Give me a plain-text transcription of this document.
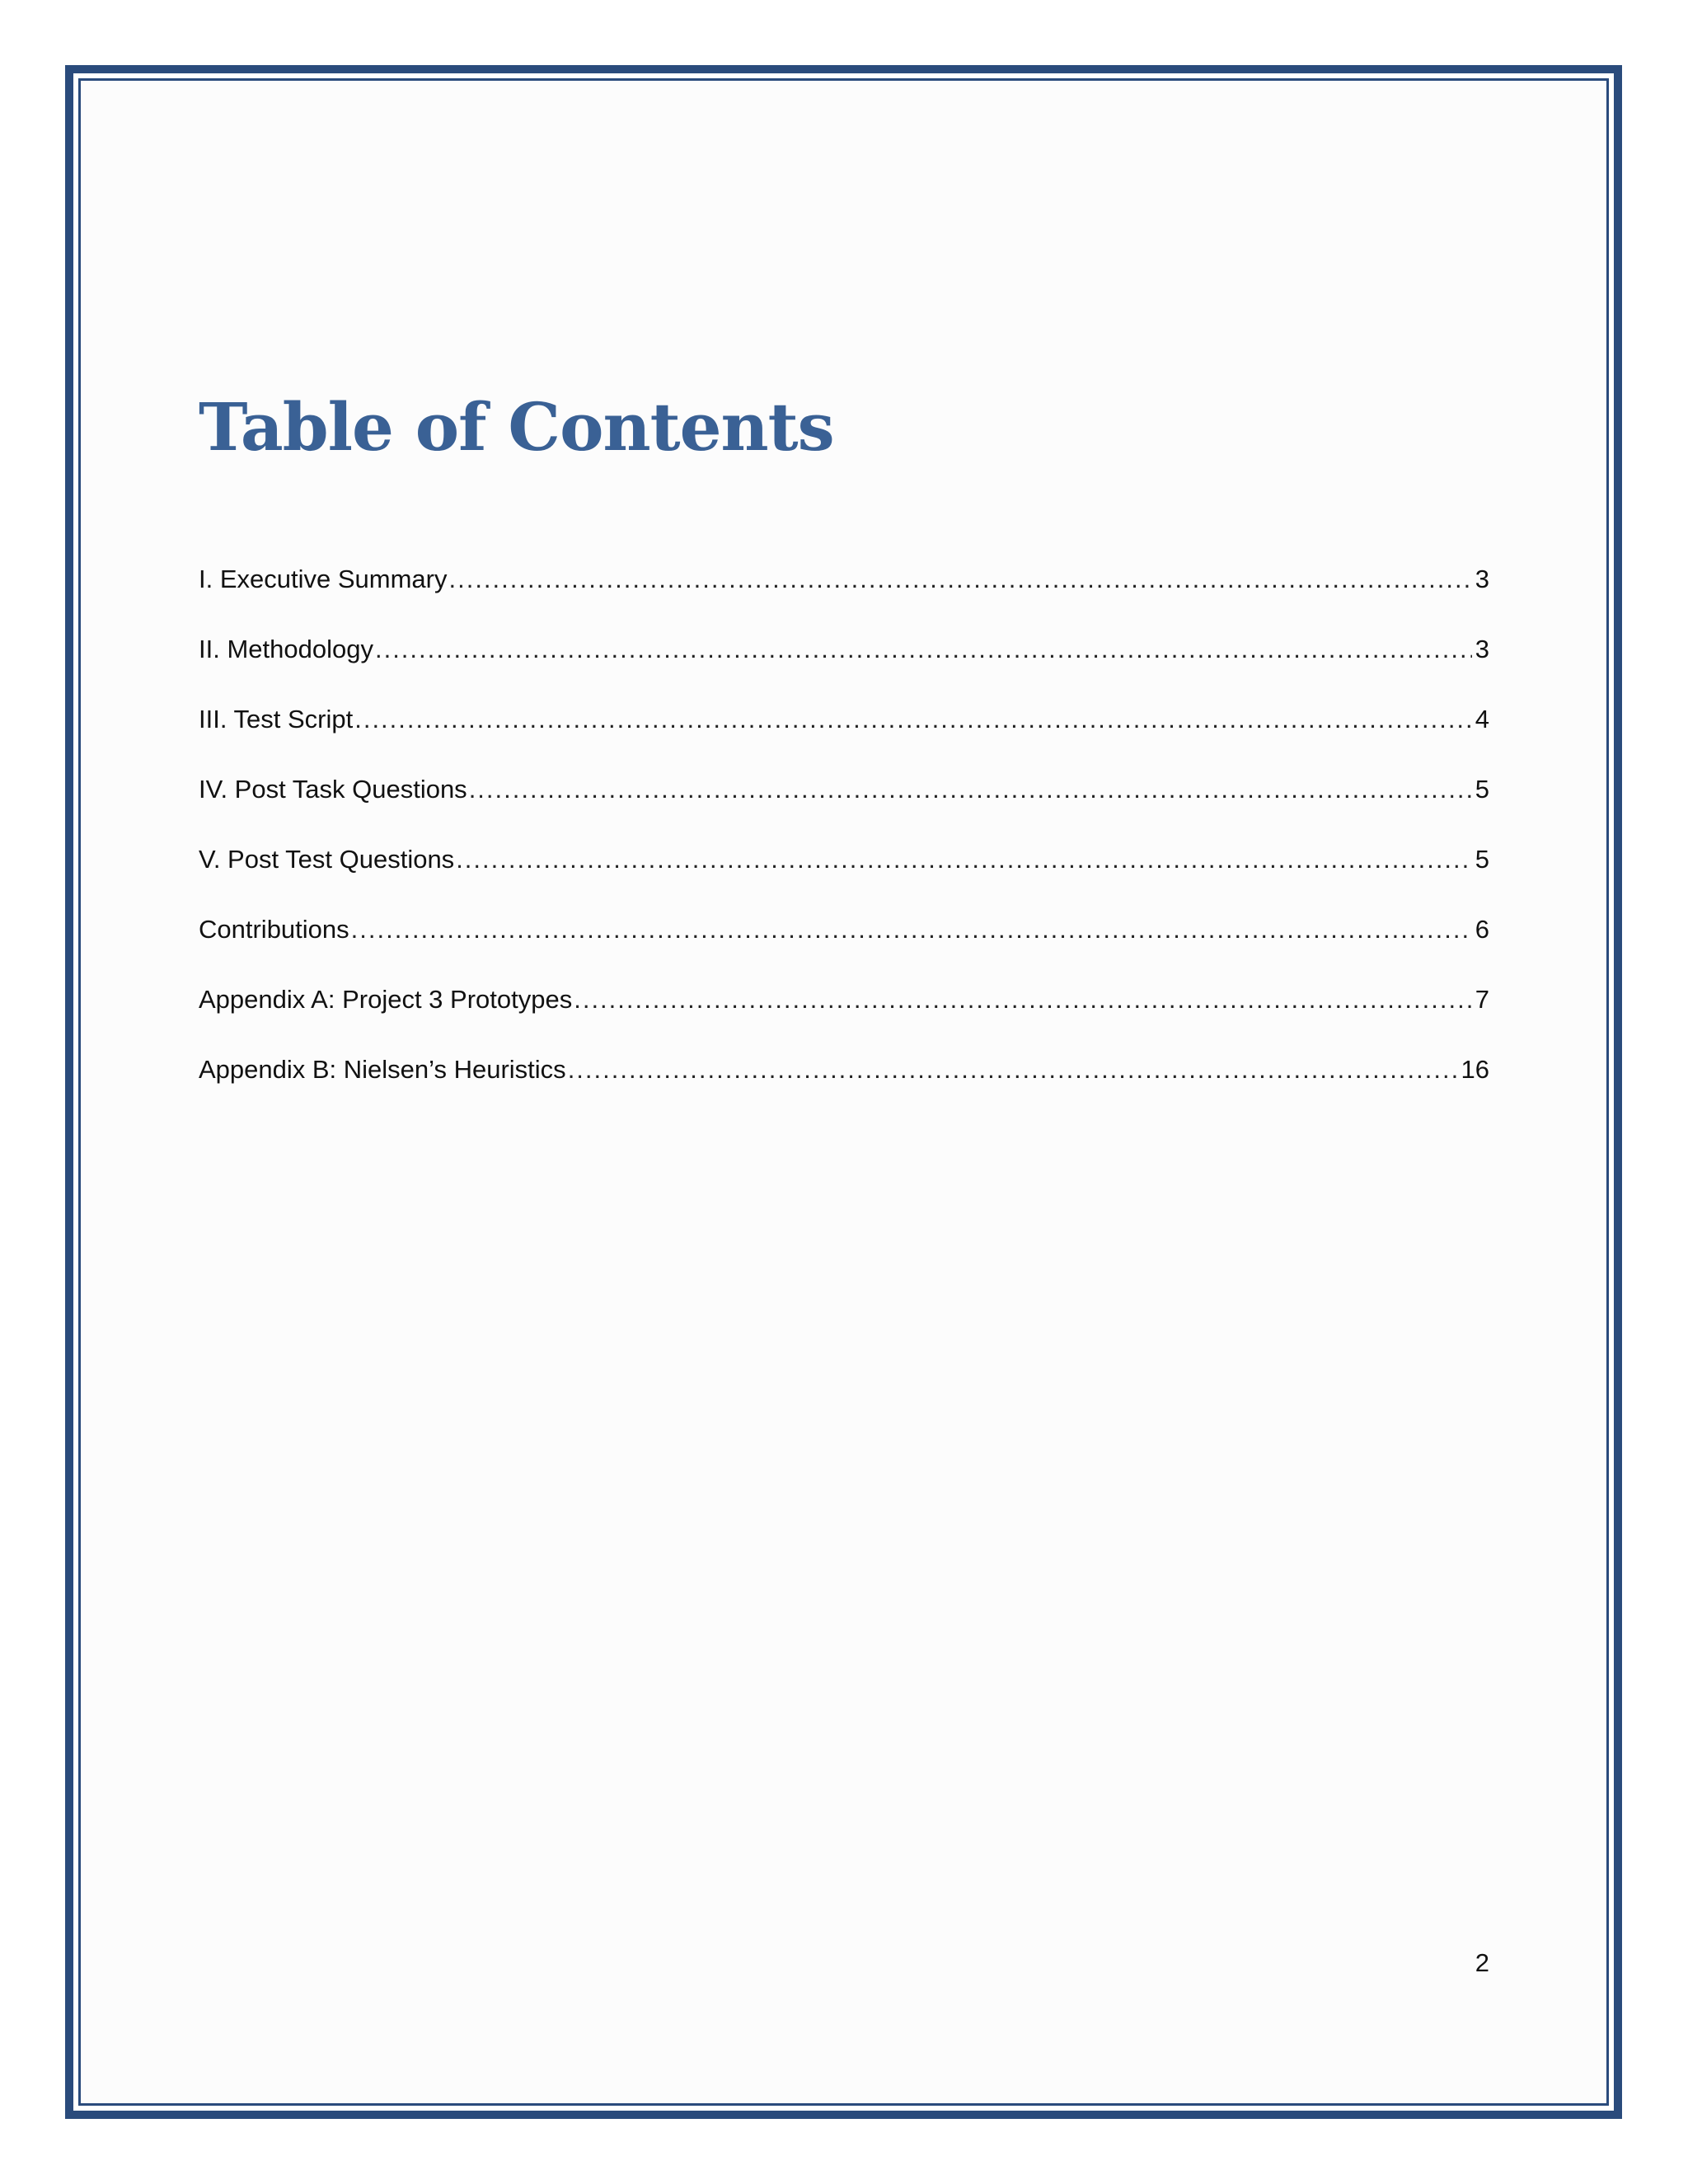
Table of Contents
I. Executive Summary .....	3
II. Methodology .....	3
III. Test Script .....	4
IV. Post Task Questions .....	5
V. Post Test Questions .....	5
Contributions .....	6
Appendix A: Project 3 Prototypes .....	7
Appendix B: Nielsen’s Heuristics .....	16
2
